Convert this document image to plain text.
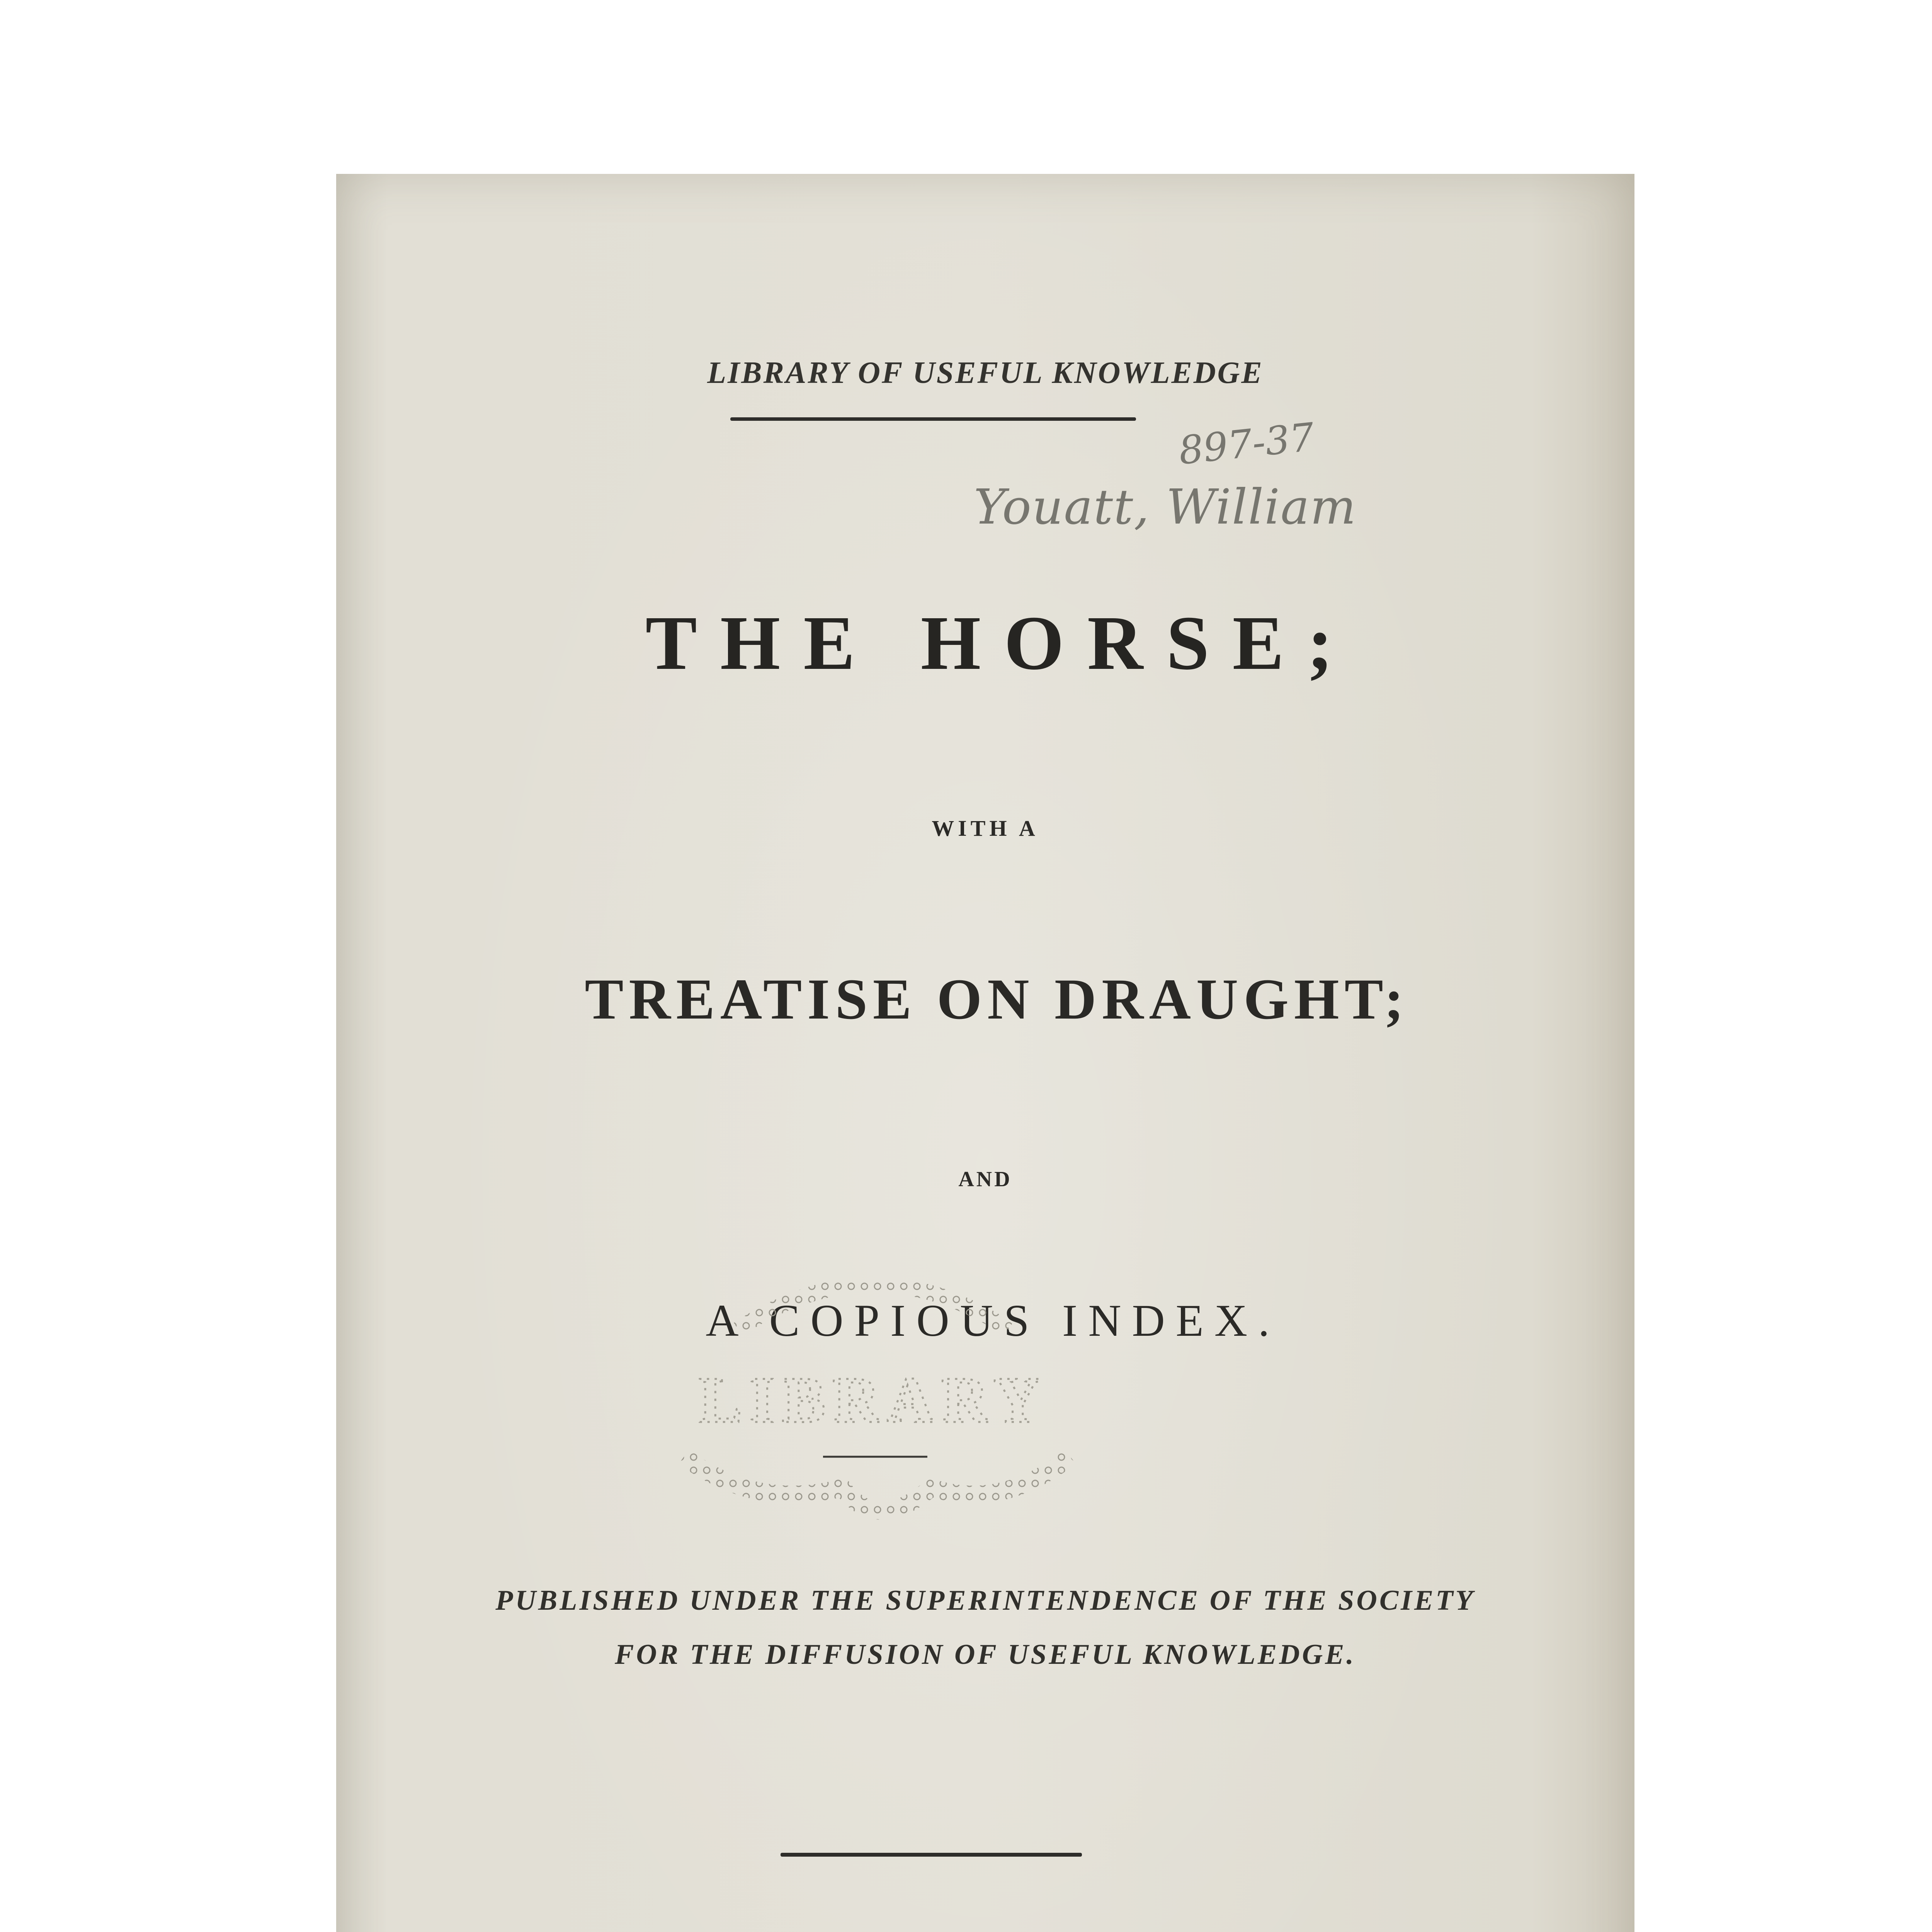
LIBRARY OF USEFUL KNOWLEDGE
897-37
Youatt, William
THE HORSE;
WITH A
TREATISE ON DRAUGHT;
AND
A COPIOUS INDEX.
LIBRARY
PUBLISHED UNDER THE SUPERINTENDENCE OF THE SOCIETY
FOR THE DIFFUSION OF USEFUL KNOWLEDGE.
